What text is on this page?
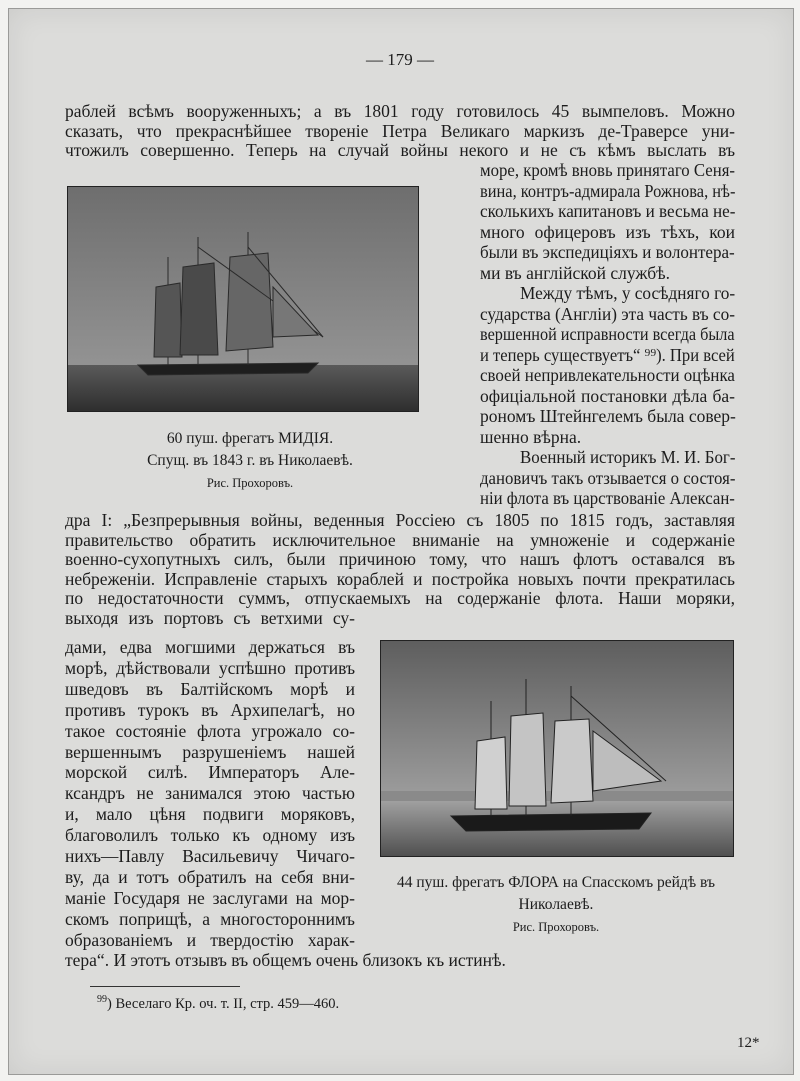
— 179 —
раблей всѣмъ вооруженныхъ; а въ 1801 году готовилось 45 вымпеловъ. Можно
сказать, что прекраснѣйшее творенiе Петра Великаго маркизъ де-Траверсе уни-
чтожилъ совершенно. Теперь на случай войны некого и не съ кѣмъ выслать въ
море, кромѣ вновь принятаго Сеня-
вина, контръ-адмирала Рожнова, нѣ-
сколькихъ капитановъ и весьма не-
много офицеровъ изъ тѣхъ, кои
были въ экспедицiяхъ и волонтера-
ми въ англiйской службѣ.
Между тѣмъ, у сосѣдняго го-
сударства (Англiи) эта часть въ со-
вершенной исправности всегда была
и теперь существуетъ“ ⁹⁹). При всей
своей непривлекательности оцѣнка
офицiальной постановки дѣла ба-
рономъ Штейнгелемъ была совер-
шенно вѣрна.
Военный историкъ М. И. Бог-
дановичъ такъ отзывается о состоя-
нiи флота въ царствованiе Алексан-
дра I: „Безпрерывныя войны, веденныя Россiею съ 1805 по 1815 годъ, заставляя
правительство обратить исключительное вниманiе на умноженiе и содержанiе
военно-сухопутныхъ силъ, были причиною тому, что нашъ флотъ оставался въ
небреженiи. Исправленiе старыхъ кораблей и постройка новыхъ почти прекратилась
по недостаточности суммъ, отпускаемыхъ на содержанiе флота. Наши моряки,
выходя изъ портовъ съ ветхими су-
дами, едва могшими держаться въ
морѣ, дѣйствовали успѣшно противъ
шведовъ въ Балтiйскомъ морѣ и
противъ турокъ въ Архипелагѣ, но
такое состоянiе флота угрожало со-
вершеннымъ разрушенiемъ нашей
морской силѣ. Императоръ Але-
ксандръ не занимался этою частью
и, мало цѣня подвиги моряковъ,
благоволилъ только къ одному изъ
нихъ—Павлу Васильевичу Чичаго-
ву, да и тотъ обратилъ на себя вни-
манiе Государя не заслугами на мор-
скомъ поприщѣ, а многостороннимъ
образованiемъ и твердостiю харак-
60 пуш. фрегатъ МИДIЯ.
Спущ. въ 1843 г. въ Николаевѣ.
Рис. Прохоровъ.
44 пуш. фрегатъ ФЛОРА на Спасскомъ рейдѣ въ
Николаевѣ.
Рис. Прохоровъ.
тера“. И этотъ отзывъ въ общемъ очень близокъ къ истинѣ.
$^{99}$) Веселаго Кр. оч. т. II, стр. 459—460.
12*
